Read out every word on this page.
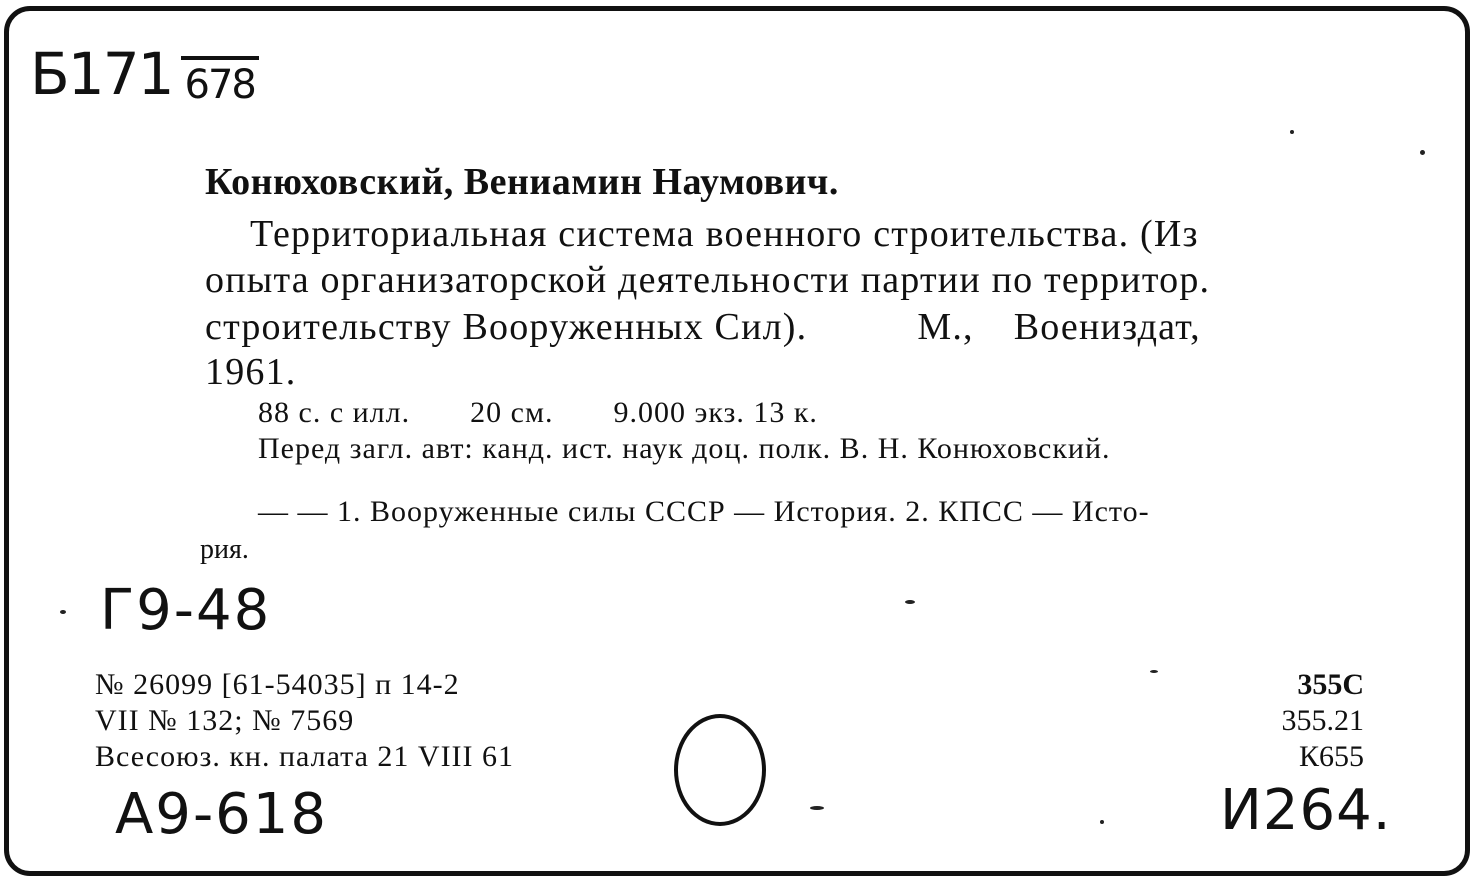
Б171 678
Конюховский, Вениамин Наумович.
Территориальная система военного строительства. (Из
опыта организаторской деятельности партии по территор.
строительству Вооруженных Сил).	М., Воениздат,
1961.
88 с. с илл. 20 см. 9.000 экз. 13 к.
Перед загл. авт: канд. ист. наук доц. полк. В. Н. Конюховский.
— — 1. Вооруженные силы СССР — История. 2. КПСС — Исто-
рия.
Г9-48
№ 26099 [61-54035] п 14-2
VII № 132; № 7569
Всесоюз. кн. палата 21 VIII 61
355С
355.21
К655
А9-618	И264.
